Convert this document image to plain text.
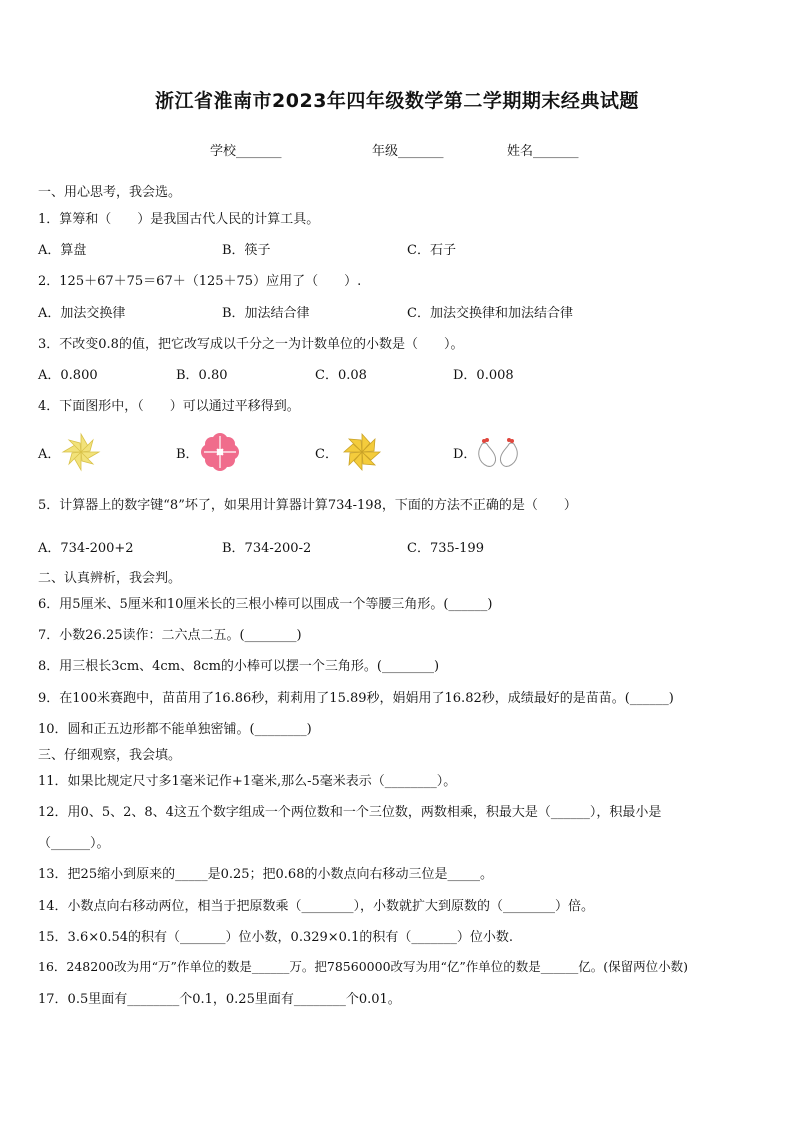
浙江省淮南市2023年四年级数学第二学期期末经典试题
学校_______	年级_______	姓名_______
一、用心思考，我会选。
1．算筹和（　　）是我国古代人民的计算工具。
A．算盘	B．筷子	C．石子
2．125＋67＋75＝67＋（125＋75）应用了（　　）.
A．加法交换律	B．加法结合律	C．加法交换律和加法结合律
3．不改变0.8的值，把它改写成以千分之一为计数单位的小数是（　　）。
A．0.800	B．0.80	C．0.08	D．0.008
4．下面图形中，（　　）可以通过平移得到。
A．	B．	C．	D．
5．计算器上的数字键“8”坏了，如果用计算器计算734-198，下面的方法不正确的是（　　）
A．734-200+2	B．734-200-2	C．735-199
二、认真辨析，我会判。
6．用5厘米、5厘米和10厘米长的三根小棒可以围成一个等腰三角形。(______)
7．小数26.25读作：二六点二五。(________)
8．用三根长3cm、4cm、8cm的小棒可以摆一个三角形。(________)
9．在100米赛跑中，苗苗用了16.86秒，莉莉用了15.89秒，娟娟用了16.82秒，成绩最好的是苗苗。(______)
10．圆和正五边形都不能单独密铺。(________)
三、仔细观察，我会填。
11．如果比规定尺寸多1毫米记作+1毫米,那么-5毫米表示（________）。
12．用0、5、2、8、4这五个数字组成一个两位数和一个三位数，两数相乘，积最大是（______），积最小是
（______）。
13．把25缩小到原来的_____是0.25；把0.68的小数点向右移动三位是_____。
14．小数点向右移动两位，相当于把原数乘（________），小数就扩大到原数的（________）倍。
15．3.6×0.54的积有（_______）位小数，0.329×0.1的积有（_______）位小数.
16．248200改为用“万”作单位的数是______万。把78560000改写为用“亿”作单位的数是______亿。(保留两位小数)
17．0.5里面有________个0.1，0.25里面有________个0.01。
